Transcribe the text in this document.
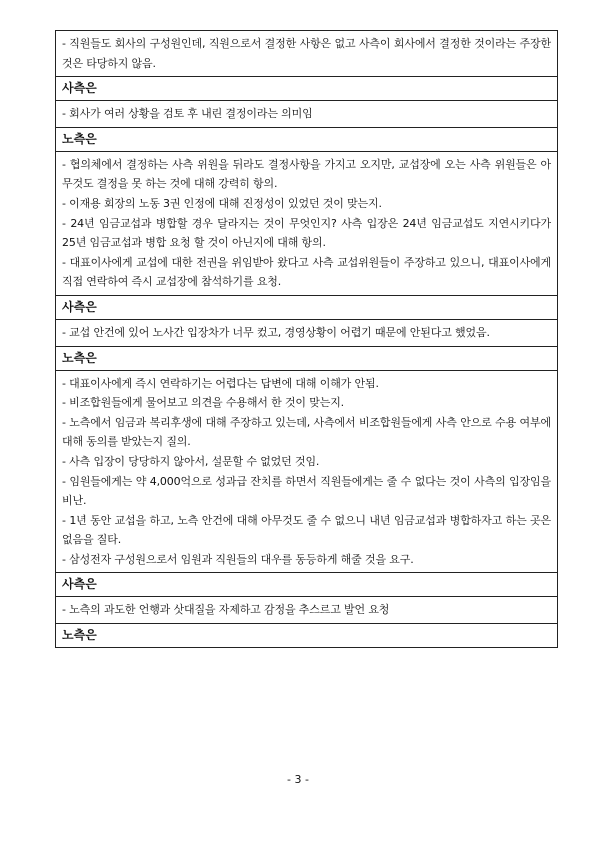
- 직원들도 회사의 구성원인데, 직원으로서 결정한 사항은 없고 사측이 회사에서 결정한 것이라는 주장한 것은 타당하지 않음.

사측은

- 회사가 여러 상황을 검토 후 내린 결정이라는 의미임

노측은

- 협의체에서 결정하는 사측 위원을 뒤라도 결정사항을 가지고 오지만, 교섭장에 오는 사측 위원들은 아무것도 결정을 못 하는 것에 대해 강력히 항의.

- 이재용 회장의 노동 3권 인정에 대해 진정성이 있었던 것이 맞는지.

- 24년 임금교섭과 병합할 경우 달라지는 것이 무엇인지? 사측 입장은 24년 임금교섭도 지연시키다가 25년 임금교섭과 병합 요청 할 것이 아닌지에 대해 항의.

- 대표이사에게 교섭에 대한 전권을 위임받아 왔다고 사측 교섭위원들이 주장하고 있으니, 대표이사에게 직접 연락하여 즉시 교섭장에 참석하기를 요청.

사측은

- 교섭 안건에 있어 노사간 입장차가 너무 컸고, 경영상황이 어렵기 때문에 안된다고 했었음.

노측은

- 대표이사에게 즉시 연락하기는 어렵다는 답변에 대해 이해가 안됨.

- 비조합원들에게 물어보고 의견을 수용해서 한 것이 맞는지.

- 노측에서 임금과 복리후생에 대해 주장하고 있는데, 사측에서 비조합원들에게 사측 안으로 수용 여부에 대해 동의를 받았는지 질의.

- 사측 입장이 당당하지 않아서, 설문할 수 없었던 것임.

- 임원들에게는 약 4,000억으로 성과급 잔치를 하면서 직원들에게는 줄 수 없다는 것이 사측의 입장임을 비난.

- 1년 동안 교섭을 하고, 노측 안건에 대해 아무것도 줄 수 없으니 내년 임금교섭과 병합하자고 하는 곳은 없음을 질타.

- 삼성전자 구성원으로서 임원과 직원들의 대우를 동등하게 해줄 것을 요구.

사측은

- 노측의 과도한 언행과 삿대질을 자제하고 감정을 추스르고 발언 요청

노측은
- 3 -
